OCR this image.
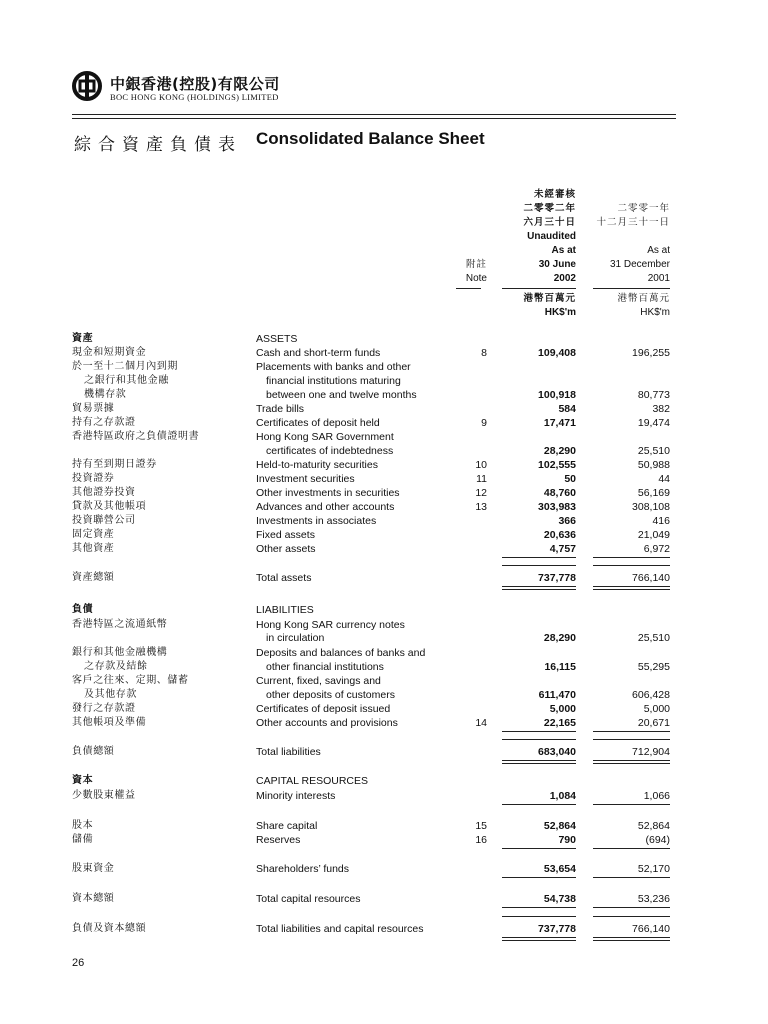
中銀香港(控股)有限公司
BOC HONG KONG (HOLDINGS) LIMITED
綜合資產負債表 Consolidated Balance Sheet
未經審核
二零零二年
六月三十日
Unaudited
As at
30 June
2002
二零零一年
十二月三十一日
As at
31 December
2001
附註
Note
港幣百萬元
HK$'m
港幣百萬元
HK$'m
資產	ASSETS
現金和短期資金	Cash and short-term funds	8	109,408	196,255
於一至十二個月內到期	Placements with banks and other
之銀行和其他金融	financial institutions maturing
機構存款	between one and twelve months	100,918	80,773
貿易票據	Trade bills	584	382
持有之存款證	Certificates of deposit held	9	17,471	19,474
香港特區政府之負債證明書	Hong Kong SAR Government
certificates of indebtedness	28,290	25,510
持有至到期日證券	Held-to-maturity securities	10	102,555	50,988
投資證券	Investment securities	11	50	44
其他證券投資	Other investments in securities	12	48,760	56,169
貸款及其他帳項	Advances and other accounts	13	303,983	308,108
投資聯營公司	Investments in associates	366	416
固定資產	Fixed assets	20,636	21,049
其他資產	Other assets	4,757	6,972
資產總額	Total assets	737,778	766,140
負債	LIABILITIES
香港特區之流通紙幣	Hong Kong SAR currency notes
in circulation	28,290	25,510
銀行和其他金融機構	Deposits and balances of banks and
之存款及結餘	other financial institutions	16,115	55,295
客戶之往來、定期、儲蓄	Current, fixed, savings and
及其他存款	other deposits of customers	611,470	606,428
發行之存款證	Certificates of deposit issued	5,000	5,000
其他帳項及準備	Other accounts and provisions	14	22,165	20,671
負債總額	Total liabilities	683,040	712,904
資本	CAPITAL RESOURCES
少數股東權益	Minority interests	1,084	1,066
股本	Share capital	15	52,864	52,864
儲備	Reserves	16	790	(694)
股東資金	Shareholders’ funds	53,654	52,170
資本總額	Total capital resources	54,738	53,236
負債及資本總額	Total liabilities and capital resources	737,778	766,140
26
